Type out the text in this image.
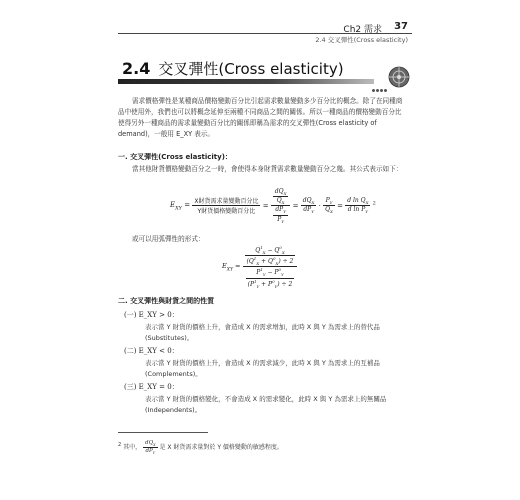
Ch2 需求 37
2.4 交叉彈性(Cross elasticity)
2.4 交叉彈性(Cross elasticity)
需求價格彈性是某種商品價格變動百分比引起需求數量變動多少百分比的概念。除了在同種商品中使用外，我們也可以將概念延伸至兩種不同商品之間的關係。所以一種商品的價格變動百分比使得另外一種商品的需求量變動百分比的關係即稱為需求的交叉彈性(Cross elasticity of demand)，一般用 E_XY 表示。
一. 交叉彈性(Cross elasticity)：
當其他財貨價格變動百分之一時，會使得本身財貨需求數量變動百分之幾。其公式表示如下：
$E_{XY} = \frac{\text{X財貨需求量變動百分比}}{\text{Y財貨價格變動百分比}} = \frac{\frac{dQ_X}{Q_X}}{\frac{dP_Y}{P_Y}} = \frac{dQ_X}{dP_Y} \cdot \frac{P_Y}{Q_X} = \frac{d \ln Q_X}{d \ln P_Y} ^2$
或可以用弧彈性的形式：
$E_{XY} = \frac{\frac{Q^1_X - Q^0_X}{(Q^1_X + Q^0_X) \div 2}}{\frac{P^1_Y - P^0_Y}{(P^1_Y + P^0_Y) \div 2}}$
二. 交叉彈性與財貨之間的性質
(一) E_XY > 0：
表示當 Y 財貨的價格上升，會造成 X 的需求增加，此時 X 與 Y 為需求上的替代品(Substitutes)。
(二) E_XY < 0：
表示當 Y 財貨的價格上升，會造成 X 的需求減少，此時 X 與 Y 為需求上的互補品(Complements)。
(三) E_XY = 0：
表示當 Y 財貨的價格變化，不會造成 X 的需求變化，此時 X 與 Y 為需求上的無關品(Independents)。
$^2$ 其中， $\frac{dQ_X}{dP_Y}$ 是 X 財貨需求量對於 Y 價格變動的敏感程度。
